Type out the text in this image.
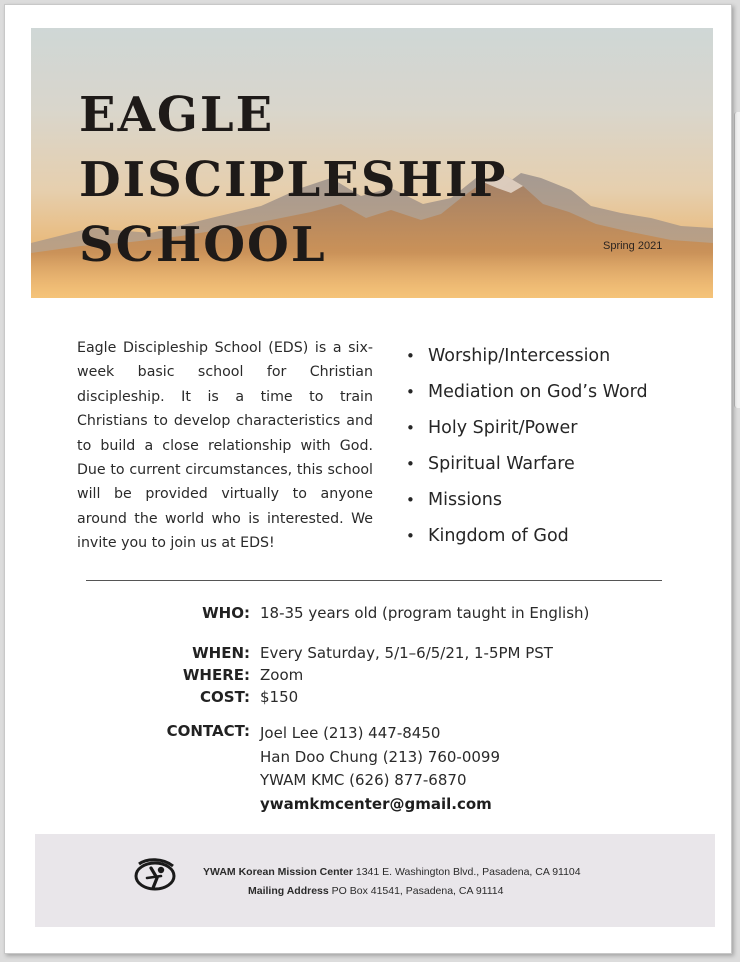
EAGLE
DISCIPLESHIP
SCHOOL	Spring 2021

Eagle Discipleship School (EDS) is a six-week basic school for Christian discipleship. It is a time to train Christians to develop characteristics and to build a close relationship with God. Due to current circumstances, this school will be provided virtually to anyone around the world who is interested. We invite you to join us at EDS!

• Worship/Intercession
• Mediation on God’s Word
• Holy Spirit/Power
• Spiritual Warfare
• Missions
• Kingdom of God
WHO: 18-35 years old (program taught in English)
WHEN: Every Saturday, 5/1–6/5/21, 1-5PM PST
WHERE: Zoom
COST: $150
CONTACT: Joel Lee (213) 447-8450
Han Doo Chung (213) 760-0099
YWAM KMC (626) 877-6870
ywamkmcenter@gmail.com
YWAM Korean Mission Center 1341 E. Washington Blvd., Pasadena, CA 91104
Mailing Address PO Box 41541, Pasadena, CA 91114
